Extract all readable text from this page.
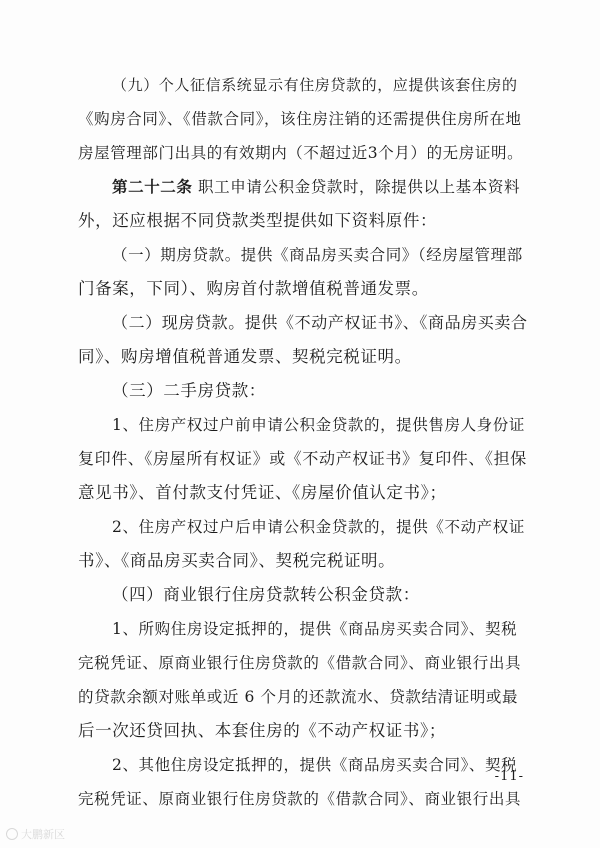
（九）个人征信系统显示有住房贷款的，应提供该套住房的
《购房合同》、《借款合同》，该住房注销的还需提供住房所在地
房屋管理部门出具的有效期内（不超过近3个月）的无房证明。
第二十二条 职工申请公积金贷款时，除提供以上基本资料
外，还应根据不同贷款类型提供如下资料原件：
（一）期房贷款。提供《商品房买卖合同》（经房屋管理部
门备案，下同）、购房首付款增值税普通发票。
（二）现房贷款。提供《不动产权证书》、《商品房买卖合
同》、购房增值税普通发票、契税完税证明。
（三）二手房贷款：
1、住房产权过户前申请公积金贷款的，提供售房人身份证
复印件、《房屋所有权证》或《不动产权证书》复印件、《担保
意见书》、首付款支付凭证、《房屋价值认定书》；
2、住房产权过户后申请公积金贷款的，提供《不动产权证
书》、《商品房买卖合同》、契税完税证明。
（四）商业银行住房贷款转公积金贷款：
1、所购住房设定抵押的，提供《商品房买卖合同》、契税
完税凭证、原商业银行住房贷款的《借款合同》、商业银行出具
的贷款余额对账单或近 6 个月的还款流水、贷款结清证明或最
后一次还贷回执、本套住房的《不动产权证书》；
2、其他住房设定抵押的，提供《商品房买卖合同》、契税
完税凭证、原商业银行住房贷款的《借款合同》、商业银行出具
-11-
大鹏新区
